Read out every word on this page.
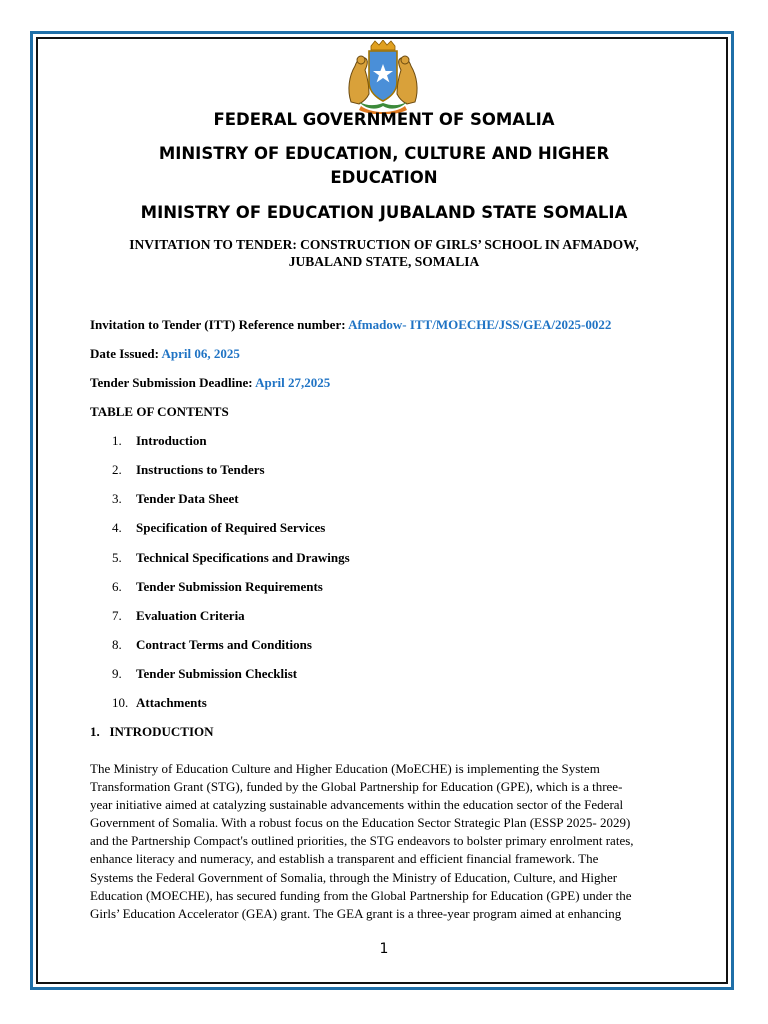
FEDERAL GOVERNMENT OF SOMALIA

MINISTRY OF EDUCATION, CULTURE AND HIGHER

EDUCATION

MINISTRY OF EDUCATION JUBALAND STATE SOMALIA

INVITATION TO TENDER: CONSTRUCTION OF GIRLS’ SCHOOL IN AFMADOW,

JUBALAND STATE, SOMALIA

Invitation to Tender (ITT) Reference number: Afmadow- ITT/MOECHE/JSS/GEA/2025-0022

Date Issued: April 06, 2025

Tender Submission Deadline: April 27,2025

TABLE OF CONTENTS

1. Introduction
2. Instructions to Tenders
3. Tender Data Sheet
4. Specification of Required Services
5. Technical Specifications and Drawings
6. Tender Submission Requirements
7. Evaluation Criteria
8. Contract Terms and Conditions
9. Tender Submission Checklist
10. Attachments

1.   INTRODUCTION

The Ministry of Education Culture and Higher Education (MoECHE) is implementing the System
Transformation Grant (STG), funded by the Global Partnership for Education (GPE), which is a three-
year initiative aimed at catalyzing sustainable advancements within the education sector of the Federal
Government of Somalia. With a robust focus on the Education Sector Strategic Plan (ESSP 2025- 2029)
and the Partnership Compact's outlined priorities, the STG endeavors to bolster primary enrolment rates,
enhance literacy and numeracy, and establish a transparent and efficient financial framework. The
Systems the Federal Government of Somalia, through the Ministry of Education, Culture, and Higher
Education (MOECHE), has secured funding from the Global Partnership for Education (GPE) under the
Girls’ Education Accelerator (GEA) grant. The GEA grant is a three-year program aimed at enhancing

1
